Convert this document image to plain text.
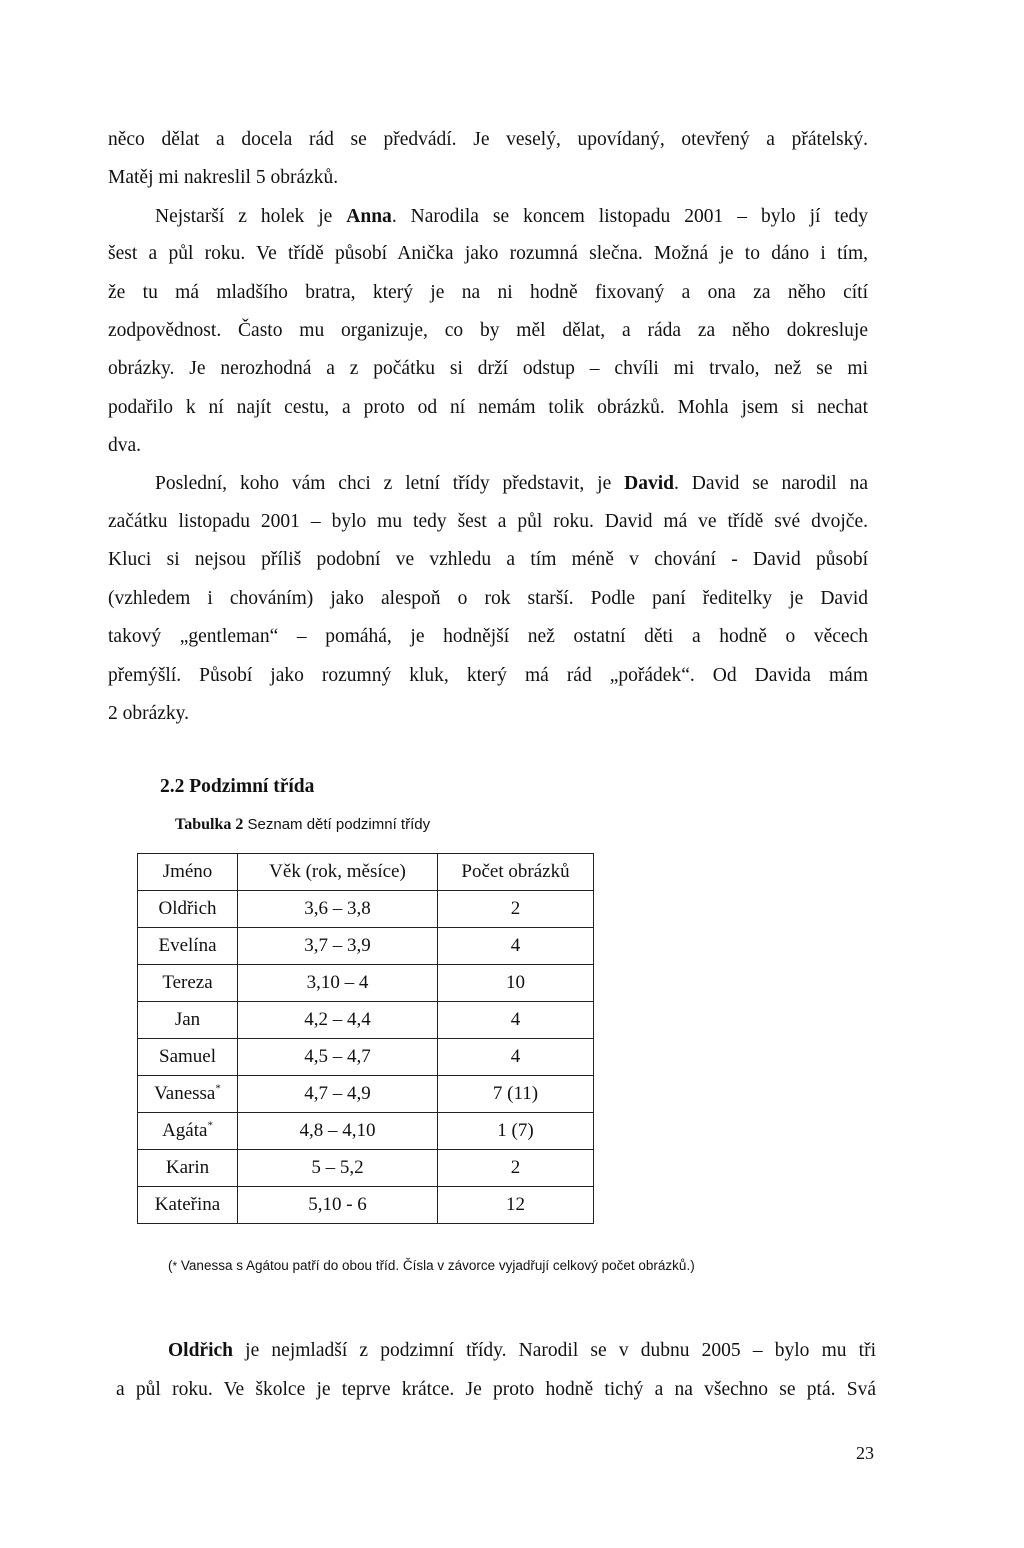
něco dělat a docela rád se předvádí. Je veselý, upovídaný, otevřený a přátelský.
Matěj mi nakreslil 5 obrázků.
Nejstarší z holek je Anna. Narodila se koncem listopadu 2001 – bylo jí tedy
šest a půl roku. Ve třídě působí Anička jako rozumná slečna. Možná je to dáno i tím,
že tu má mladšího bratra, který je na ni hodně fixovaný a ona za něho cítí
zodpovědnost. Často mu organizuje, co by měl dělat, a ráda za něho dokresluje
obrázky. Je nerozhodná a z počátku si drží odstup – chvíli mi trvalo, než se mi
podařilo k ní najít cestu, a proto od ní nemám tolik obrázků. Mohla jsem si nechat
dva.
Poslední, koho vám chci z letní třídy představit, je David. David se narodil na
začátku listopadu 2001 – bylo mu tedy šest a půl roku. David má ve třídě své dvojče.
Kluci si nejsou příliš podobní ve vzhledu a tím méně v chování - David působí
(vzhledem i chováním) jako alespoň o rok starší. Podle paní ředitelky je David
takový „gentleman“ – pomáhá, je hodnější než ostatní děti a hodně o věcech
přemýšlí. Působí jako rozumný kluk, který má rád „pořádek“. Od Davida mám
2 obrázky.
2.2 Podzimní třída
Tabulka 2 Seznam dětí podzimní třídy
Jméno	Věk (rok, měsíce)	Počet obrázků
Oldřich	3,6 – 3,8	2
Evelína	3,7 – 3,9	4
Tereza	3,10 – 4	10
Jan	4,2 – 4,4	4
Samuel	4,5 – 4,7	4
Vanessa*	4,7 – 4,9	7 (11)
Agáta*	4,8 – 4,10	1 (7)
Karin	5 – 5,2	2
Kateřina	5,10 - 6	12
(* Vanessa s Agátou patří do obou tříd. Čísla v závorce vyjadřují celkový počet obrázků.)
Oldřich je nejmladší z podzimní třídy. Narodil se v dubnu 2005 – bylo mu tři
a půl roku. Ve školce je teprve krátce. Je proto hodně tichý a na všechno se ptá. Svá
23
